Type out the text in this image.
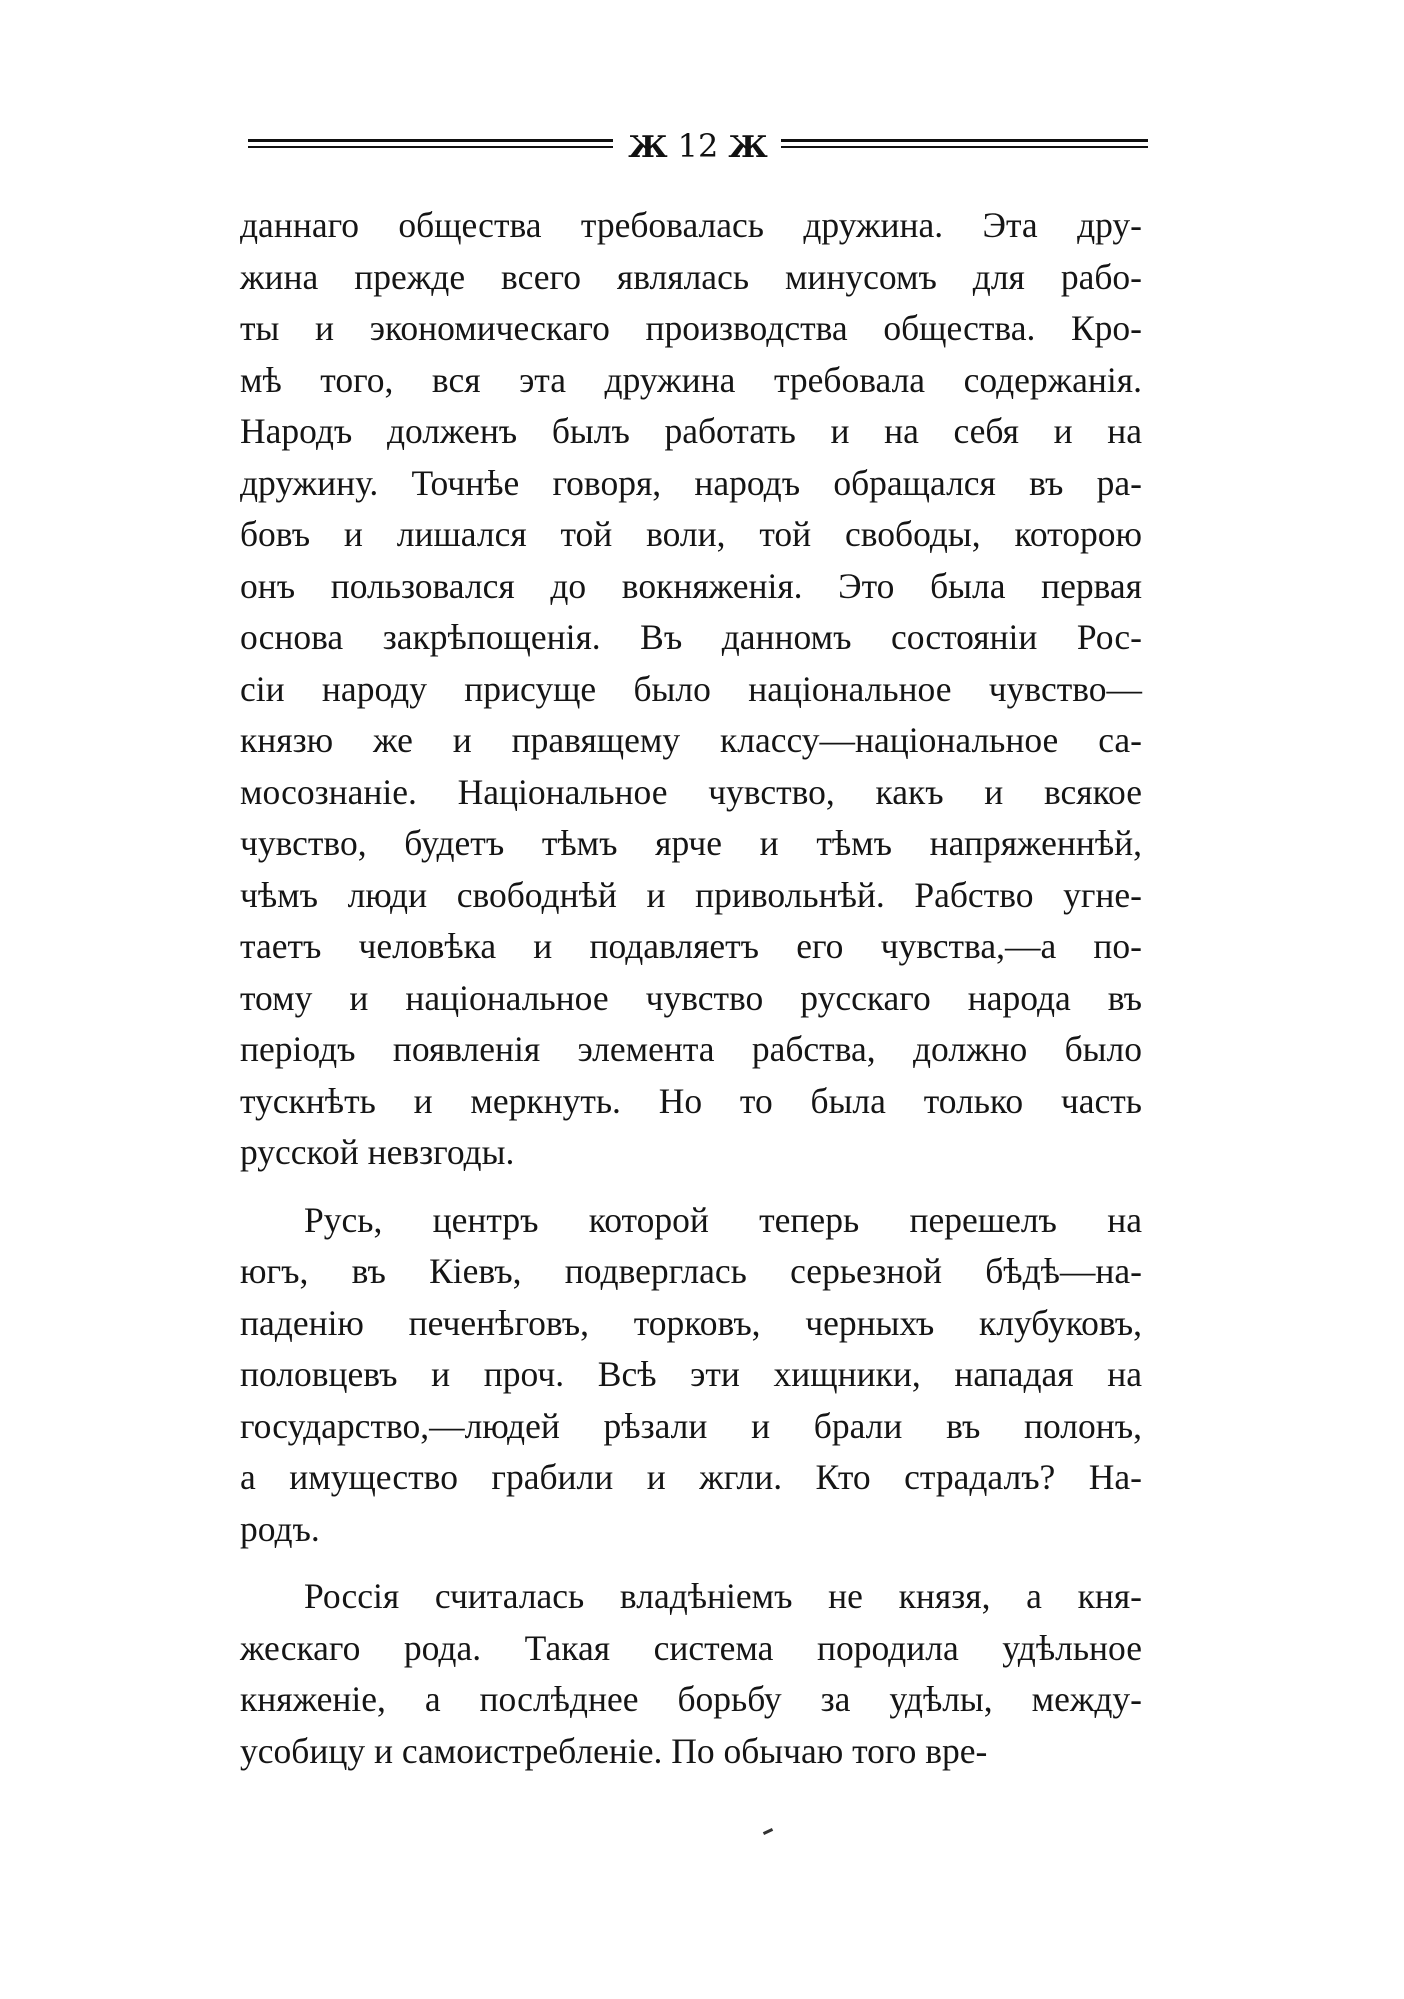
Ж 12 Ж
даннаго общества требовалась дружина. Эта дру-
жина прежде всего являлась минусомъ для рабо-
ты и экономическаго производства общества. Кро-
мѣ того, вся эта дружина требовала содержанія.
Народъ долженъ былъ работать и на себя и на
дружину. Точнѣе говоря, народъ обращался въ ра-
бовъ и лишался той воли, той свободы, которою
онъ пользовался до вокняженія. Это была первая
основа закрѣпощенія. Въ данномъ состояніи Рос-
сіи народу присуще было національное чувство—
князю же и правящему классу—національное са-
мосознаніе. Національное чувство, какъ и всякое
чувство, будетъ тѣмъ ярче и тѣмъ напряженнѣй,
чѣмъ люди свободнѣй и привольнѣй. Рабство угне-
таетъ человѣка и подавляетъ его чувства,—а по-
тому и національное чувство русскаго народа въ
періодъ появленія элемента рабства, должно было
тускнѣть и меркнуть. Но то была только часть
русской невзгоды.
Русь, центръ которой теперь перешелъ на
югъ, въ Кіевъ, подверглась серьезной бѣдѣ—на-
паденію печенѣговъ, торковъ, черныхъ клубуковъ,
половцевъ и проч. Всѣ эти хищники, нападая на
государство,—людей рѣзали и брали въ полонъ,
а имущество грабили и жгли. Кто страдалъ? На-
родъ.
Россія считалась владѣніемъ не князя, а кня-
жескаго рода. Такая система породила удѣльное
княженіе, а послѣднее борьбу за удѣлы, между-
усобицу и самоистребленіе. По обычаю того вре-
